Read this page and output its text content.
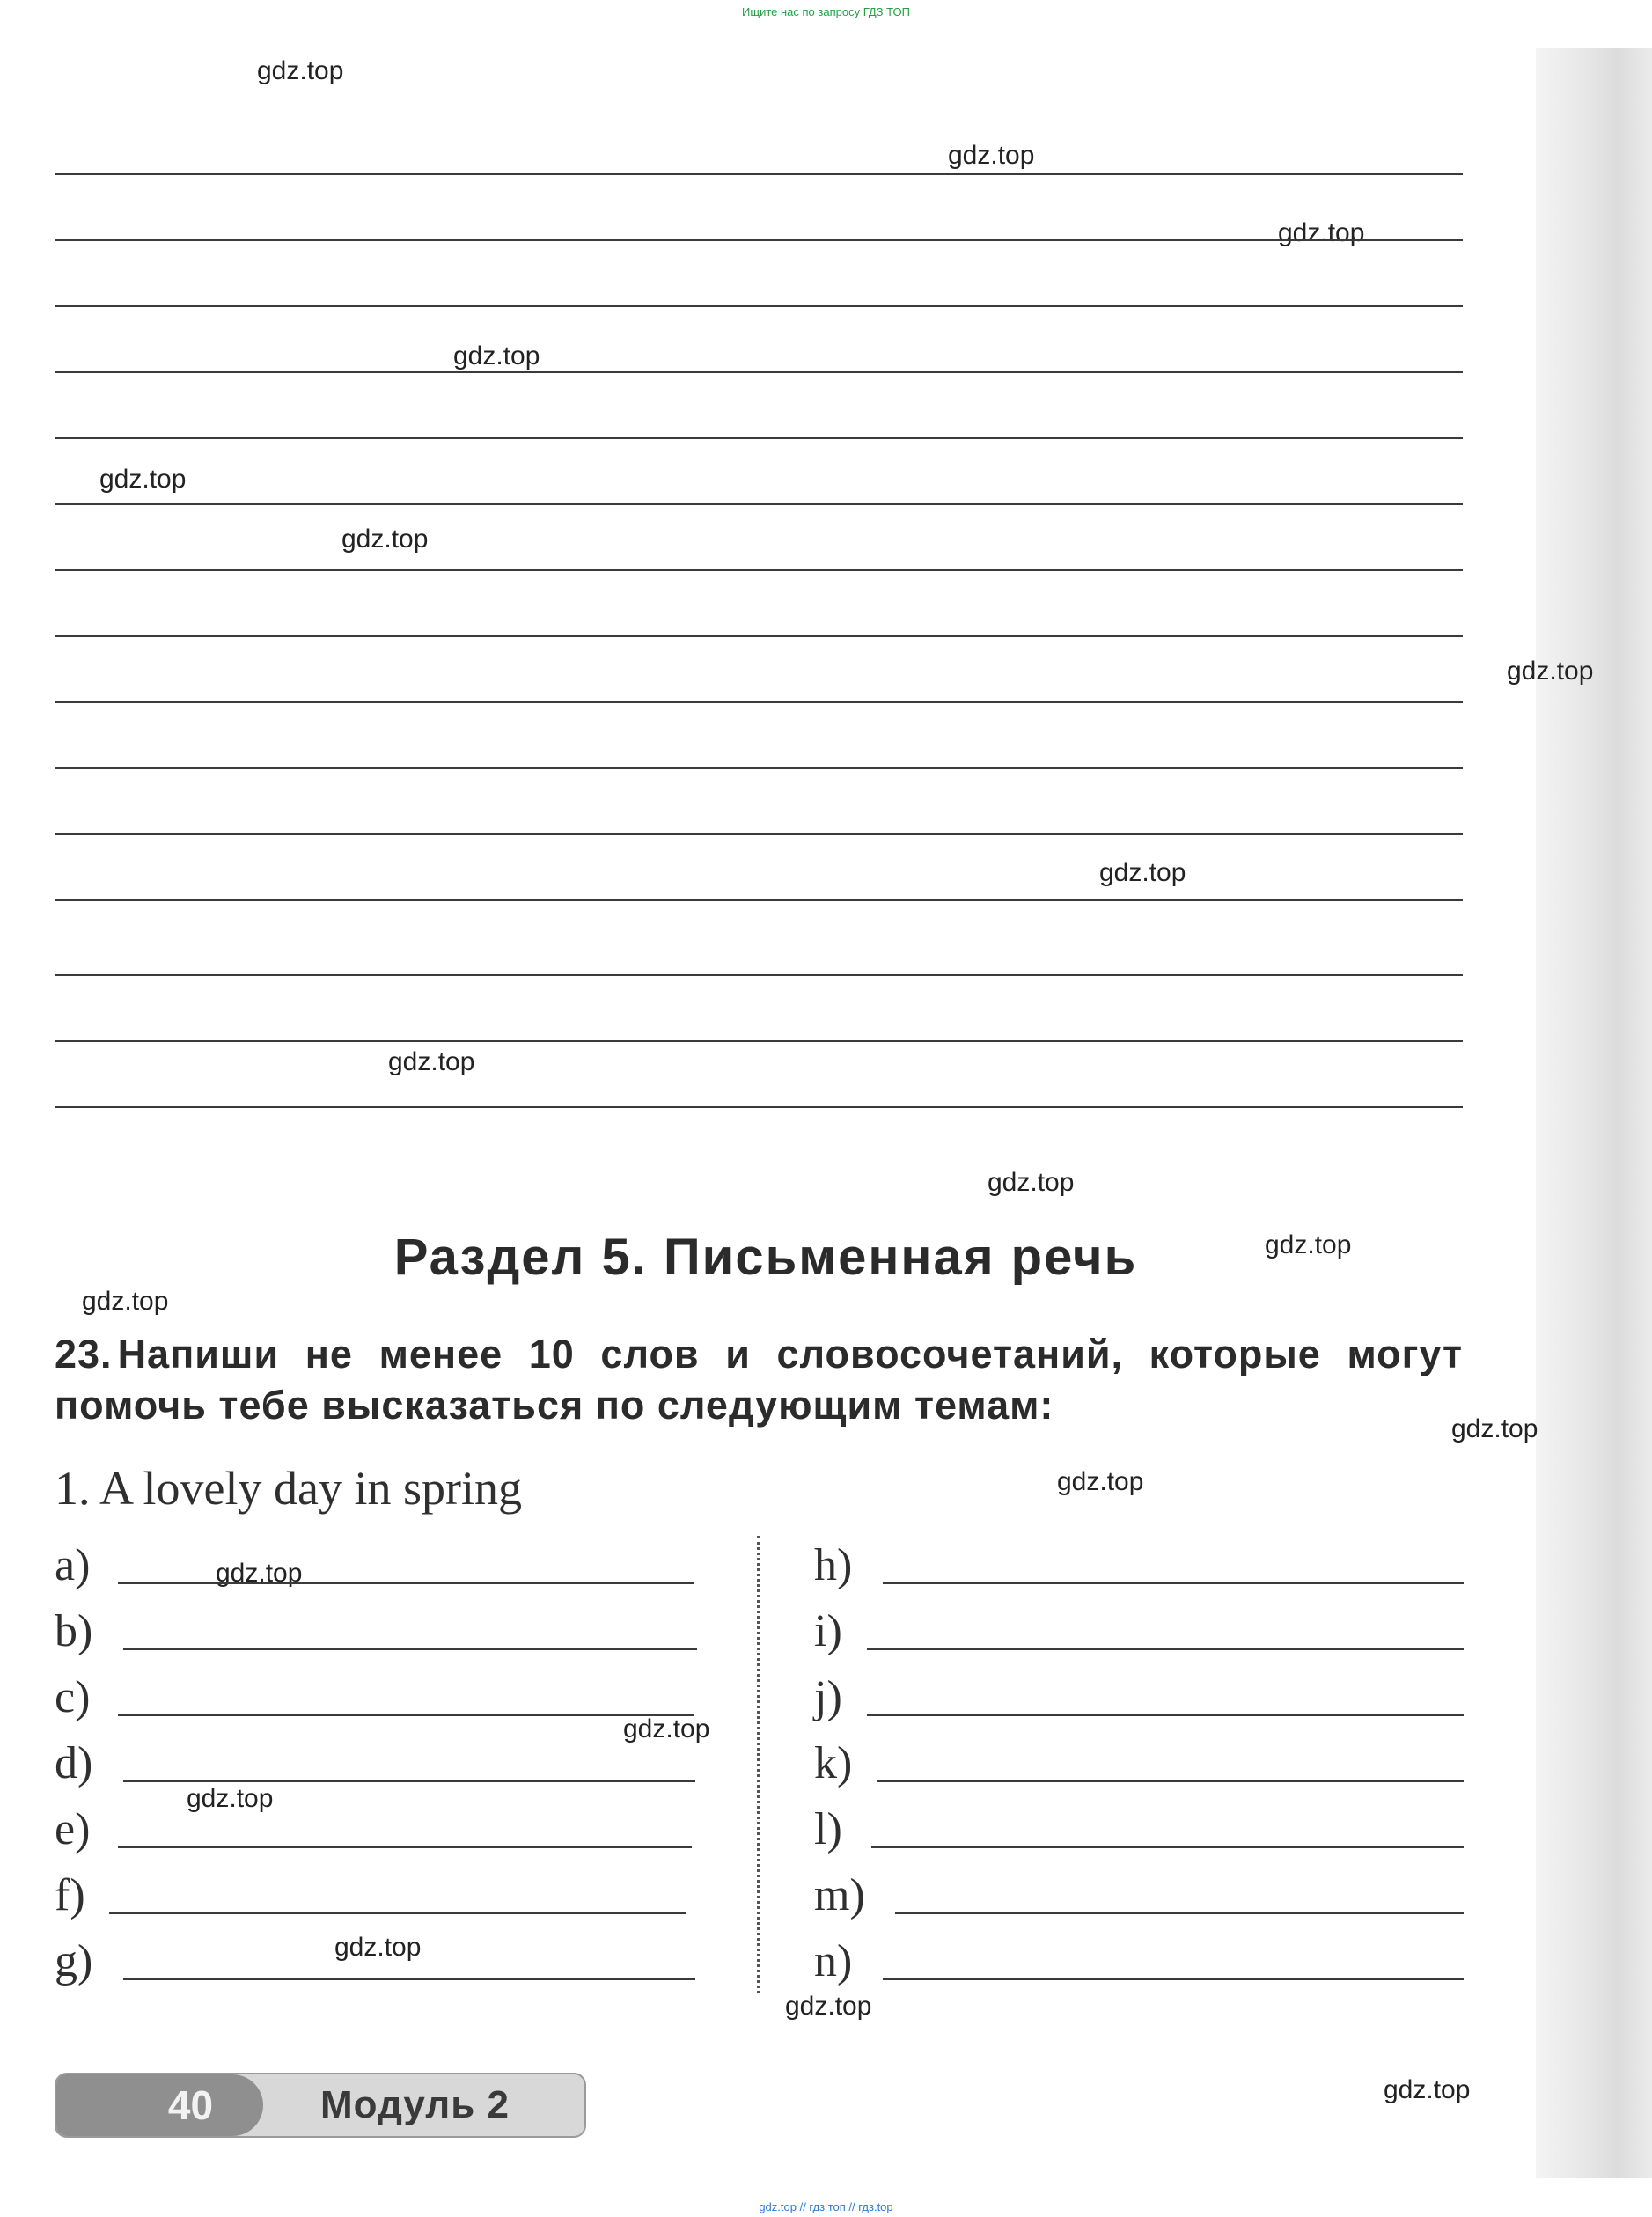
Ищите нас по запросу ГДЗ ТОП
gdz.top
gdz.top
gdz.top
gdz.top
gdz.top
gdz.top
gdz.top
gdz.top
gdz.top
gdz.top
gdz.top
gdz.top
gdz.top
gdz.top
gdz.top
gdz.top
gdz.top
gdz.top
gdz.top
gdz.top
Раздел 5. Письменная речь
23. Напиши не менее 10 слов и словосочетаний, которые могут помочь тебе высказаться по следующим темам:
1. A lovely day in spring
a)
b)
c)
d)
e)
f)
g)
h)
i)
j)
k)
l)
m)
n)
40	Модуль 2
gdz.top // гдз топ // гдз.top
